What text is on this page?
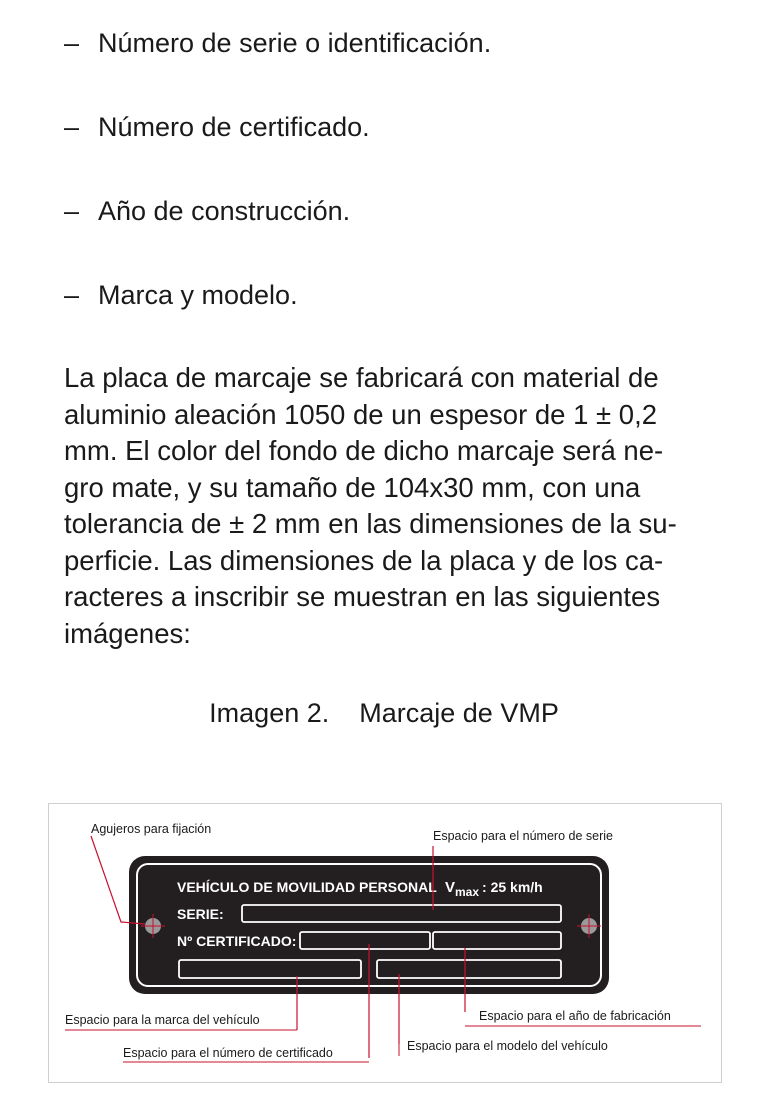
– Número de serie o identificación.
– Número de certificado.
– Año de construcción.
– Marca y modelo.

La placa de marcaje se fabricará con material de
aluminio aleación 1050 de un espesor de 1 ± 0,2
mm. El color del fondo de dicho marcaje será ne-
gro mate, y su tamaño de 104x30 mm, con una
tolerancia de ± 2 mm en las dimensiones de la su-
perficie. Las dimensiones de la placa y de los ca-
racteres a inscribir se muestran en las siguientes
imágenes:

Imagen 2.    Marcaje de VMP
VEHÍCULO DE MOVILIDAD PERSONAL $V_{max}$ : 25 km/h
SERIE:
Nº CERTIFICADO:
Agujeros para fijación	Espacio para el número de serie
Espacio para la marca del vehículo	Espacio para el año de fabricación
Espacio para el número de certificado	Espacio para el modelo del vehículo
